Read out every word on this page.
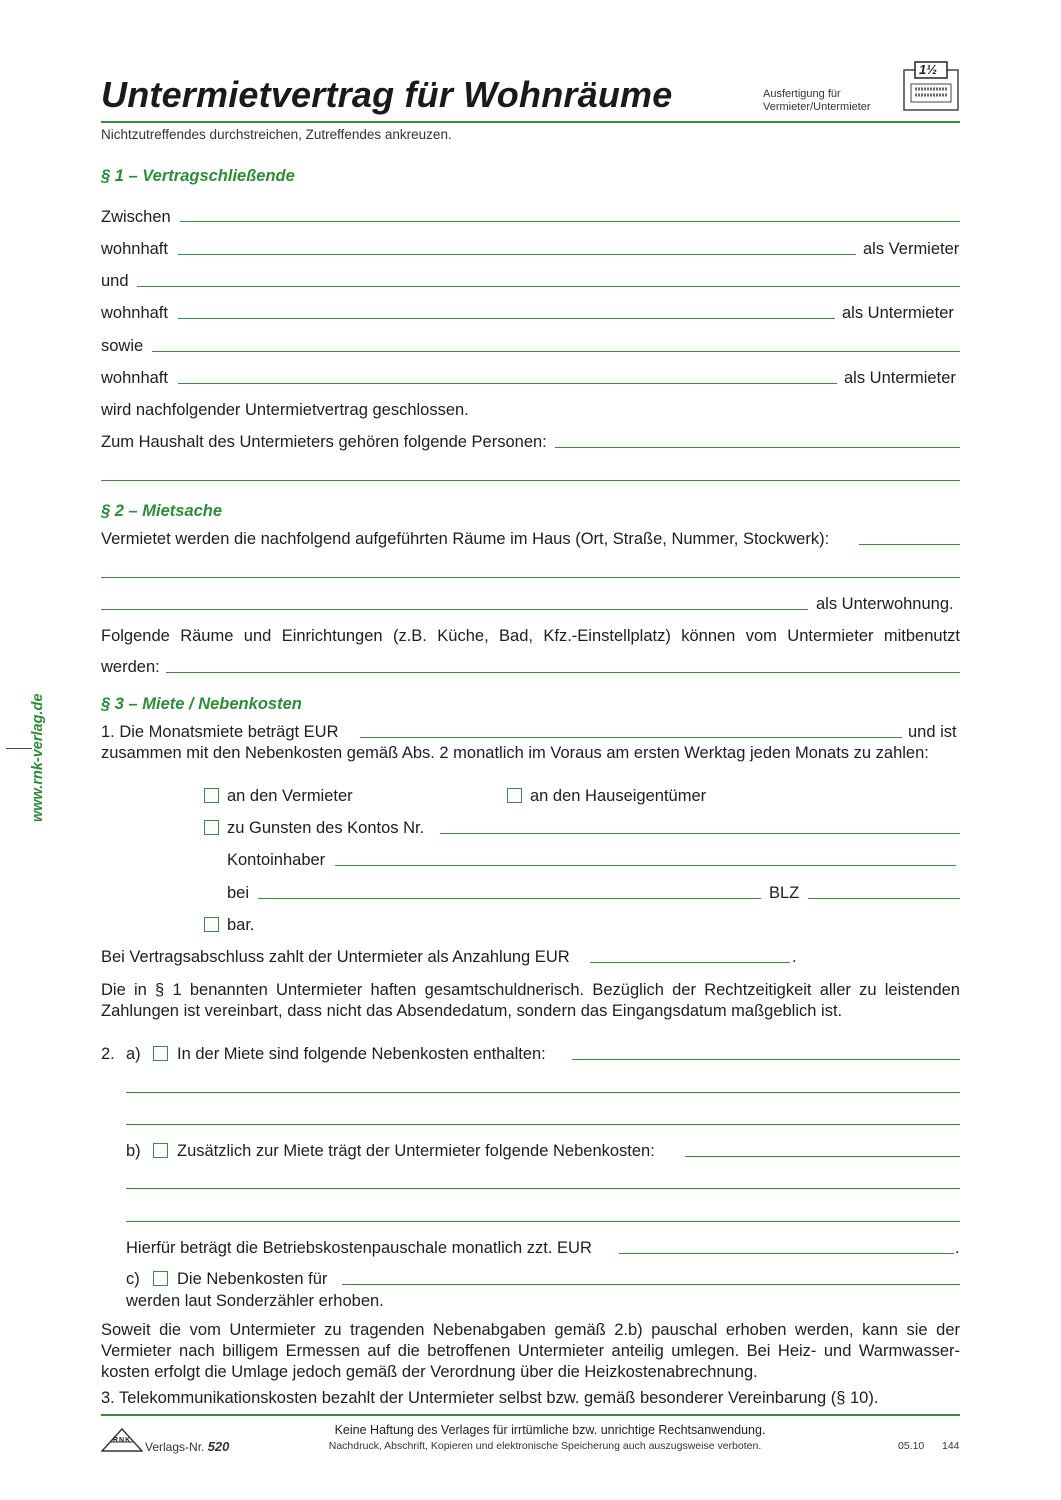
Untermietvertrag für Wohnräume	Ausfertigung für
Vermieter/Untermieter
1½
Nichtzutreffendes durchstreichen, Zutreffendes ankreuzen.
www.rnk-verlag.de
§ 1 – Vertragschließende
Zwischen
wohnhaft	als Vermieter
und
wohnhaft	als Untermieter
sowie
wohnhaft	als Untermieter
wird nachfolgender Untermietvertrag geschlossen.
Zum Haushalt des Untermieters gehören folgende Personen:
§ 2 – Mietsache
Vermietet werden die nachfolgend aufgeführten Räume im Haus (Ort, Straße, Nummer, Stockwerk):
als Unterwohnung.
Folgende Räume und Einrichtungen (z.B. Küche, Bad, Kfz.-Einstellplatz) können vom Untermieter mitbenutzt
werden:
§ 3 – Miete / Nebenkosten
1. Die Monatsmiete beträgt EUR	und ist
zusammen mit den Nebenkosten gemäß Abs. 2 monatlich im Voraus am ersten Werktag jeden Monats zu zahlen:
an den Vermieter	an den Hauseigentümer
zu Gunsten des Kontos Nr.
Kontoinhaber
bei	BLZ
bar.
Bei Vertragsabschluss zahlt der Untermieter als Anzahlung EUR	.
Die in § 1 benannten Untermieter haften gesamtschuldnerisch. Bezüglich der Rechtzeitigkeit aller zu leistenden Zahlungen ist vereinbart, dass nicht das Absendedatum, sondern das Eingangsdatum maßgeblich ist.
2. a) In der Miete sind folgende Nebenkosten enthalten:
b) Zusätzlich zur Miete trägt der Untermieter folgende Nebenkosten:
Hierfür beträgt die Betriebskostenpauschale monatlich zzt. EUR	.
c) Die Nebenkosten für
werden laut Sonderzähler erhoben.
Soweit die vom Untermieter zu tragenden Nebenabgaben gemäß 2.b) pauschal erhoben werden, kann sie der Vermieter nach billigem Ermessen auf die betroffenen Untermieter anteilig umlegen. Bei Heiz- und Warmwasserkosten erfolgt die Umlage jedoch gemäß der Verordnung über die Heizkostenabrechnung.
3. Telekommunikationskosten bezahlt der Untermieter selbst bzw. gemäß besonderer Vereinbarung (§ 10).
RNK Verlags-Nr. 520
Keine Haftung des Verlages für irrtümliche bzw. unrichtige Rechtsanwendung.
Nachdruck, Abschrift, Kopieren und elektronische Speicherung auch auszugsweise verboten.	05.10 144
